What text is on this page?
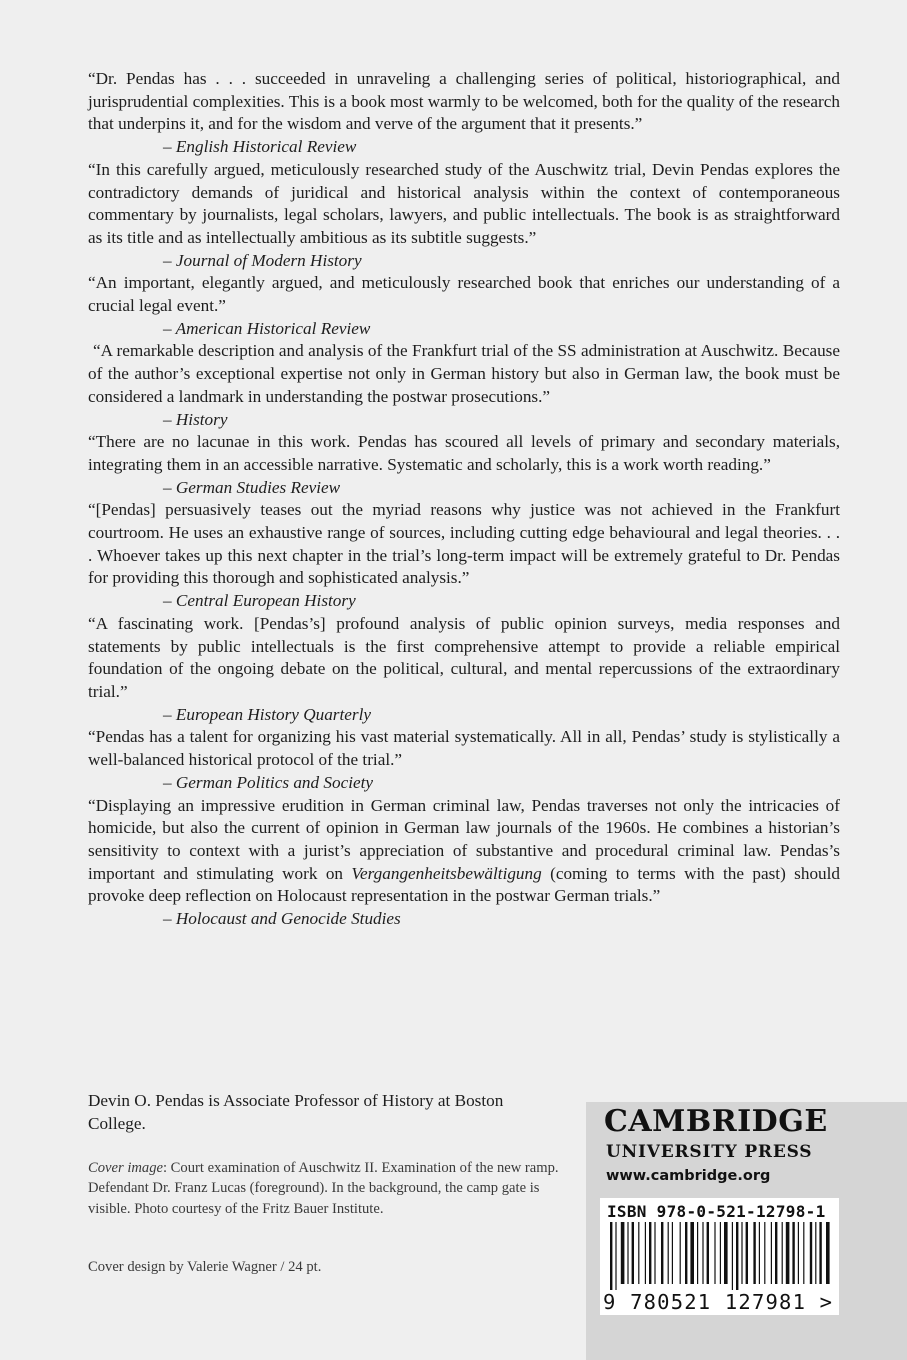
“Dr. Pendas has . . . succeeded in unraveling a challenging series of political, historiographical, and jurisprudential complexities. This is a book most warmly to be welcomed, both for the quality of the research that underpins it, and for the wisdom and verve of the argument that it presents.”

– English Historical Review

“In this carefully argued, meticulously researched study of the Auschwitz trial, Devin Pendas explores the contradictory demands of juridical and historical analysis within the context of contemporaneous commentary by journalists, legal scholars, lawyers, and public intellectuals. The book is as straightforward as its title and as intellectually ambitious as its subtitle suggests.”

– Journal of Modern History

“An important, elegantly argued, and meticulously researched book that enriches our understanding of a crucial legal event.”

– American Historical Review

“A remarkable description and analysis of the Frankfurt trial of the SS administration at Auschwitz. Because of the author’s exceptional expertise not only in German history but also in German law, the book must be considered a landmark in understanding the postwar prosecutions.”

– History

“There are no lacunae in this work. Pendas has scoured all levels of primary and secondary materials, integrating them in an accessible narrative. Systematic and scholarly, this is a work worth reading.”

– German Studies Review

“[Pendas] persuasively teases out the myriad reasons why justice was not achieved in the Frankfurt courtroom. He uses an exhaustive range of sources, including cutting edge behavioural and legal theories. . . . Whoever takes up this next chapter in the trial’s long-term impact will be extremely grateful to Dr. Pendas for providing this thorough and sophisticated analysis.”

– Central European History

“A fascinating work. [Pendas’s] profound analysis of public opinion surveys, media responses and statements by public intellectuals is the first comprehensive attempt to provide a reliable empirical foundation of the ongoing debate on the political, cultural, and mental repercussions of the extraordinary trial.”

– European History Quarterly

“Pendas has a talent for organizing his vast material systematically. All in all, Pendas’ study is stylistically a well-balanced historical protocol of the trial.”

– German Politics and Society

“Displaying an impressive erudition in German criminal law, Pendas traverses not only the intricacies of homicide, but also the current of opinion in German law journals of the 1960s. He combines a historian’s sensitivity to context with a jurist’s appreciation of substantive and procedural criminal law. Pendas’s important and stimulating work on Vergangenheitsbewältigung (coming to terms with the past) should provoke deep reflection on Holocaust representation in the postwar German trials.”

– Holocaust and Genocide Studies

Devin O. Pendas is Associate Professor of History at Boston College.
Cover image: Court examination of Auschwitz II. Examination of the new ramp. Defendant Dr. Franz Lucas (foreground). In the background, the camp gate is visible. Photo courtesy of the Fritz Bauer Institute.
Cover design by Valerie Wagner / 24 pt.
CAMBRIDGE
UNIVERSITY PRESS
www.cambridge.org
ISBN 978-0-521-12798-1
9 780521 127981 >
